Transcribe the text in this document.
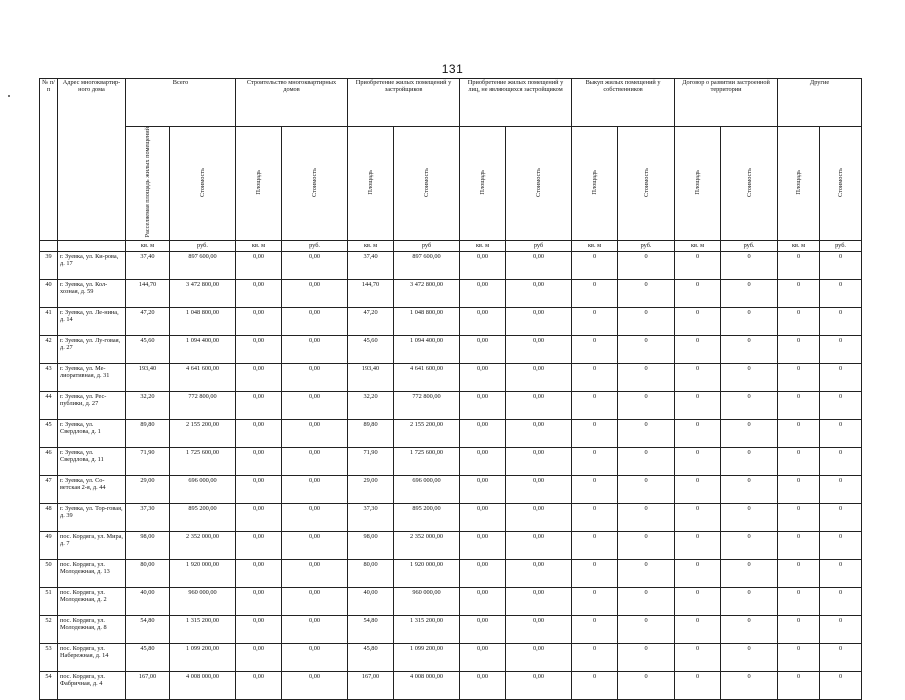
131
№ п/п	Адрес многоквартир-ного дома	Всего		Строительство многоквартирных домов		Приобретение жилых помещений у застройщиков		Приобретение жилых помещений у лиц, не являющихся застройщиком		Выкуп жилых помещений у собственников		Договор о развитии застроенной территории		Другие	
		Расселяемая площадь жилых помещений	Стоимость	Площадь	Стоимость	Площадь	Стоимость	Площадь	Стоимость	Площадь	Стоимость	Площадь	Стоимость	Площадь	Стоимость
		кв. м	руб.	кв. м	руб.	кв. м	руб	кв. м	руб	кв. м	руб.	кв. м	руб.	кв. м	руб.
39	г. Зуевка, ул. Ки-рова, д. 17	37,40	897 600,00	0,00	0,00	37,40	897 600,00	0,00	0,00	0	0	0	0	0	0
40	г. Зуевка, ул. Кол-хозная, д. 59	144,70	3 472 800,00	0,00	0,00	144,70	3 472 800,00	0,00	0,00	0	0	0	0	0	0
41	г. Зуевка, ул. Ле-нина, д. 14	47,20	1 048 800,00	0,00	0,00	47,20	1 048 800,00	0,00	0,00	0	0	0	0	0	0
42	г. Зуевка, ул. Лу-говая, д. 27	45,60	1 094 400,00	0,00	0,00	45,60	1 094 400,00	0,00	0,00	0	0	0	0	0	0
43	г. Зуевка, ул. Ме-лиоративная, д. 31	193,40	4 641 600,00	0,00	0,00	193,40	4 641 600,00	0,00	0,00	0	0	0	0	0	0
44	г. Зуевка, ул. Рес-публики, д. 27	32,20	772 800,00	0,00	0,00	32,20	772 800,00	0,00	0,00	0	0	0	0	0	0
45	г. Зуевка, ул. Свердлова, д. 1	89,80	2 155 200,00	0,00	0,00	89,80	2 155 200,00	0,00	0,00	0	0	0	0	0	0
46	г. Зуевка, ул. Свердлова, д. 11	71,90	1 725 600,00	0,00	0,00	71,90	1 725 600,00	0,00	0,00	0	0	0	0	0	0
47	г. Зуевка, ул. Со-ветская 2-я, д. 44	29,00	696 000,00	0,00	0,00	29,00	696 000,00	0,00	0,00	0	0	0	0	0	0
48	г. Зуевка, ул. Тор-говая, д. 39	37,30	895 200,00	0,00	0,00	37,30	895 200,00	0,00	0,00	0	0	0	0	0	0
49	пос. Кордяга, ул. Мира, д. 7	98,00	2 352 000,00	0,00	0,00	98,00	2 352 000,00	0,00	0,00	0	0	0	0	0	0
50	пос. Кордяга, ул. Молодежная, д. 13	80,00	1 920 000,00	0,00	0,00	80,00	1 920 000,00	0,00	0,00	0	0	0	0	0	0
51	пос. Кордяга, ул. Молодежная, д. 2	40,00	960 000,00	0,00	0,00	40,00	960 000,00	0,00	0,00	0	0	0	0	0	0
52	пос. Кордяга, ул. Молодежная, д. 8	54,80	1 315 200,00	0,00	0,00	54,80	1 315 200,00	0,00	0,00	0	0	0	0	0	0
53	пос. Кордяга, ул. Набережная, д. 14	45,80	1 099 200,00	0,00	0,00	45,80	1 099 200,00	0,00	0,00	0	0	0	0	0	0
54	пос. Кордяга, ул. Фабричная, д. 4	167,00	4 008 000,00	0,00	0,00	167,00	4 008 000,00	0,00	0,00	0	0	0	0	0	0
